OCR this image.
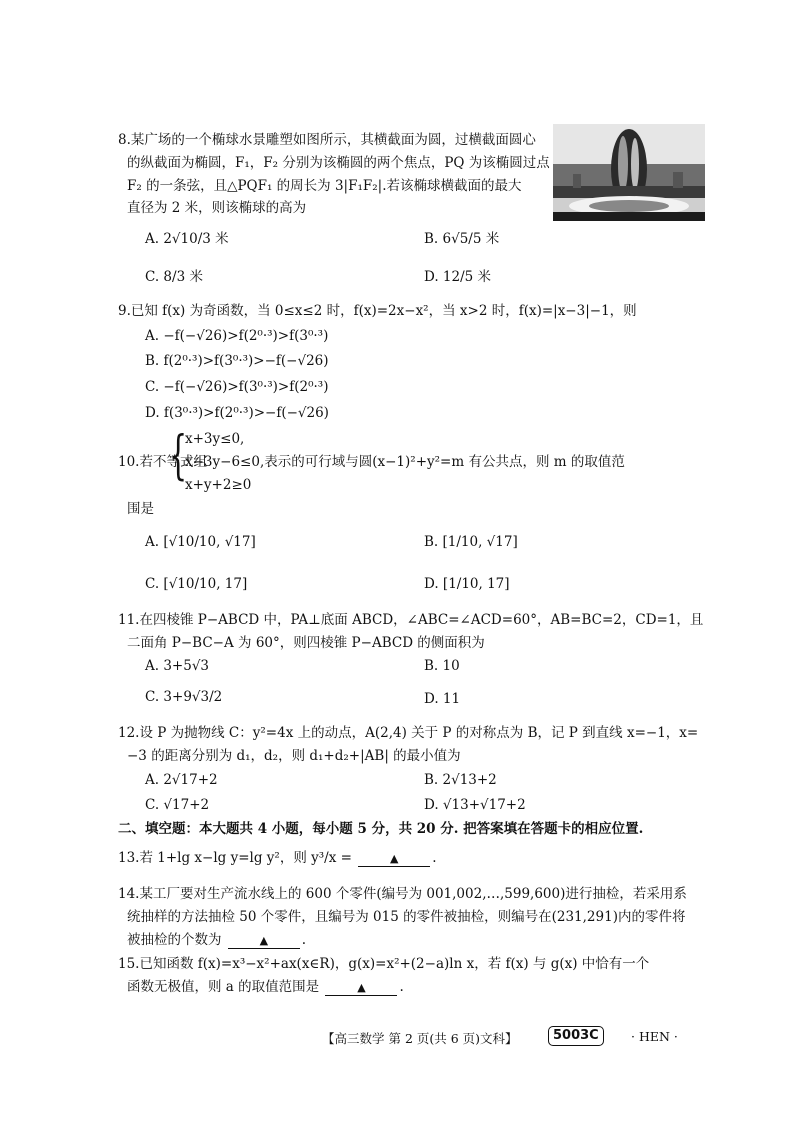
8.某广场的一个椭球水景雕塑如图所示，其横截面为圆，过横截面圆心
的纵截面为椭圆，F₁，F₂ 分别为该椭圆的两个焦点，PQ 为该椭圆过点
F₂ 的一条弦，且△PQF₁ 的周长为 3|F₁F₂|.若该椭球横截面的最大
直径为 2 米，则该椭球的高为
A. 2√10/3 米	B. 6√5/5 米
C. 8/3 米	D. 12/5 米
9.已知 f(x) 为奇函数，当 0≤x≤2 时，f(x)=2x−x²，当 x>2 时，f(x)=|x−3|−1，则
A. −f(−√26)>f(2⁰·³)>f(3⁰·³)
B. f(2⁰·³)>f(3⁰·³)>−f(−√26)
C. −f(−√26)>f(3⁰·³)>f(2⁰·³)
D. f(3⁰·³)>f(2⁰·³)>−f(−√26)
10.若不等式组
{
x+3y≤0,
x−3y−6≤0,表示的可行域与圆(x−1)²+y²=m 有公共点，则 m 的取值范
x+y+2≥0
围是
A. [√10/10, √17]	B. [1/10, √17]
C. [√10/10, 17]	D. [1/10, 17]
11.在四棱锥 P−ABCD 中，PA⊥底面 ABCD，∠ABC=∠ACD=60°，AB=BC=2，CD=1，且
二面角 P−BC−A 为 60°，则四棱锥 P−ABCD 的侧面积为
A. 3+5√3	B. 10
C. 3+9√3/2	D. 11
12.设 P 为抛物线 C：y²=4x 上的动点，A(2,4) 关于 P 的对称点为 B，记 P 到直线 x=−1，x=
−3 的距离分别为 d₁，d₂，则 d₁+d₂+|AB| 的最小值为
A. 2√17+2	B. 2√13+2
C. √17+2	D. √13+√17+2
二、填空题：本大题共 4 小题，每小题 5 分，共 20 分. 把答案填在答题卡的相应位置.
13.若 1+lg x−lg y=lg y²，则 y³/x =	▲	.
14.某工厂要对生产流水线上的 600 个零件(编号为 001,002,…,599,600)进行抽检，若采用系
统抽样的方法抽检 50 个零件，且编号为 015 的零件被抽检，则编号在(231,291)内的零件将
被抽检的个数为	▲	.
15.已知函数 f(x)=x³−x²+ax(x∈R)，g(x)=x²+(2−a)ln x，若 f(x) 与 g(x) 中恰有一个
函数无极值，则 a 的取值范围是	▲	.
【高三数学 第 2 页(共 6 页)文科】	5003C	· HEN ·
